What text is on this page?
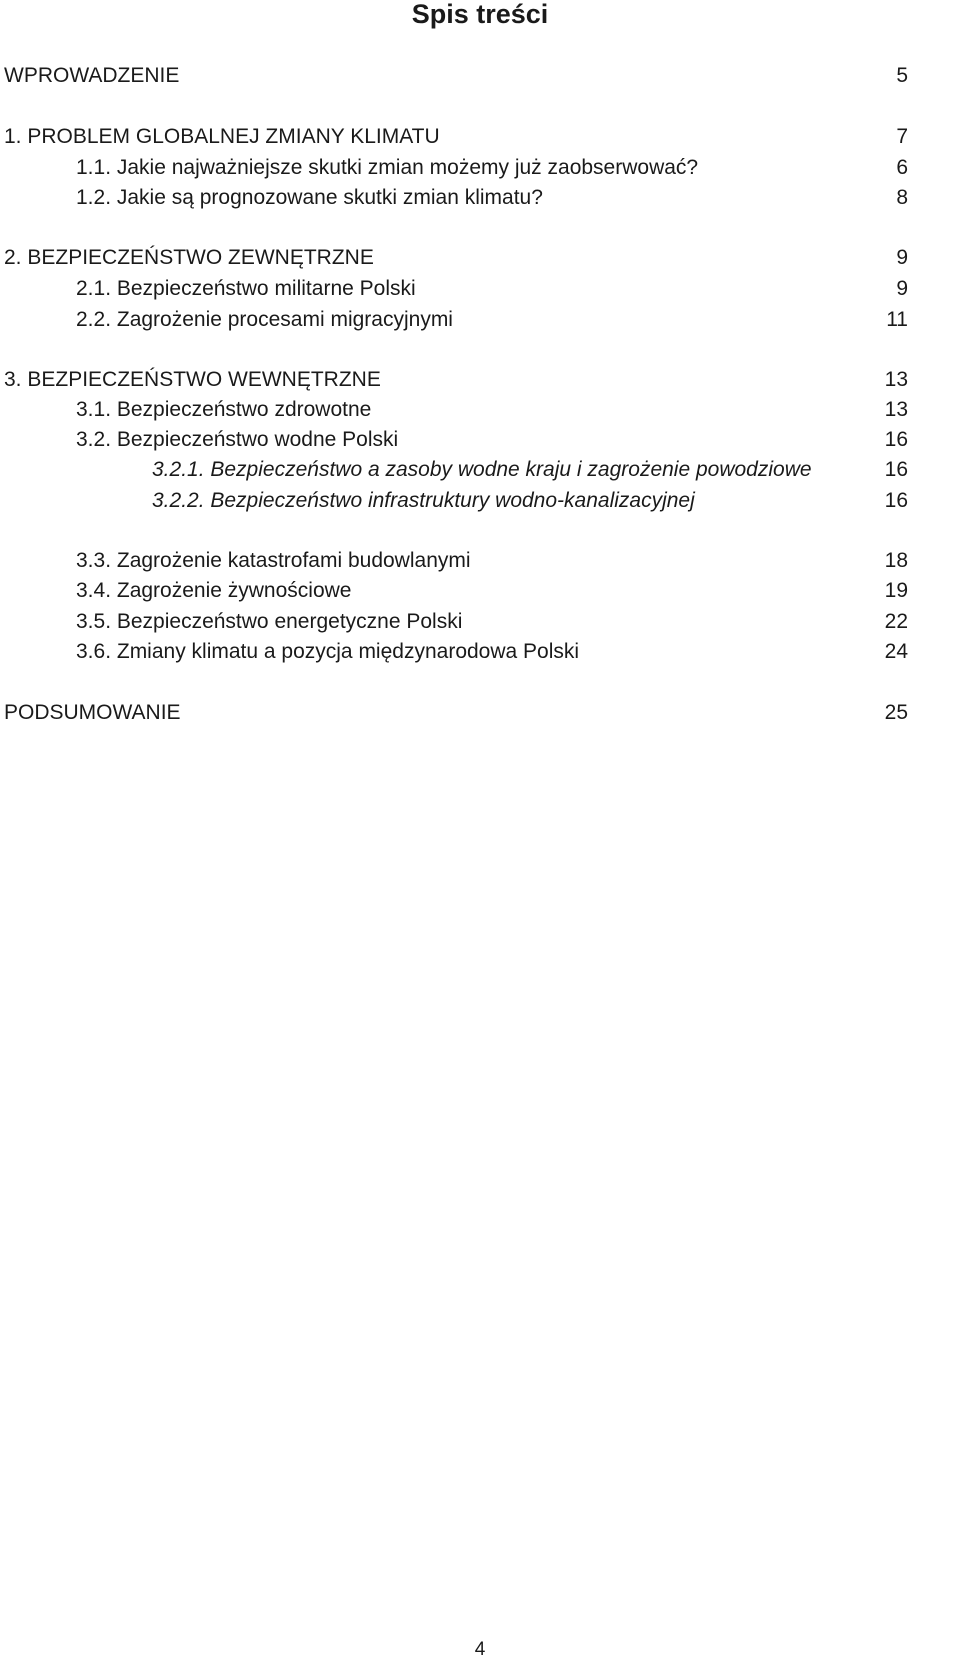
Spis treści
WPROWADZENIE	5
1. PROBLEM GLOBALNEJ ZMIANY KLIMATU	7
1.1. Jakie najważniejsze skutki zmian możemy już zaobserwować?	6
1.2. Jakie są prognozowane skutki zmian klimatu?	8
2. BEZPIECZEŃSTWO ZEWNĘTRZNE	9
2.1. Bezpieczeństwo militarne Polski	9
2.2. Zagrożenie procesami migracyjnymi	11
3. BEZPIECZEŃSTWO WEWNĘTRZNE	13
3.1. Bezpieczeństwo zdrowotne	13
3.2. Bezpieczeństwo wodne Polski	16
3.2.1. Bezpieczeństwo a zasoby wodne kraju i zagrożenie powodziowe	16
3.2.2. Bezpieczeństwo infrastruktury wodno-kanalizacyjnej	16
3.3. Zagrożenie katastrofami budowlanymi	18
3.4. Zagrożenie żywnościowe	19
3.5. Bezpieczeństwo energetyczne Polski	22
3.6. Zmiany klimatu a pozycja międzynarodowa Polski	24
PODSUMOWANIE	25
4
